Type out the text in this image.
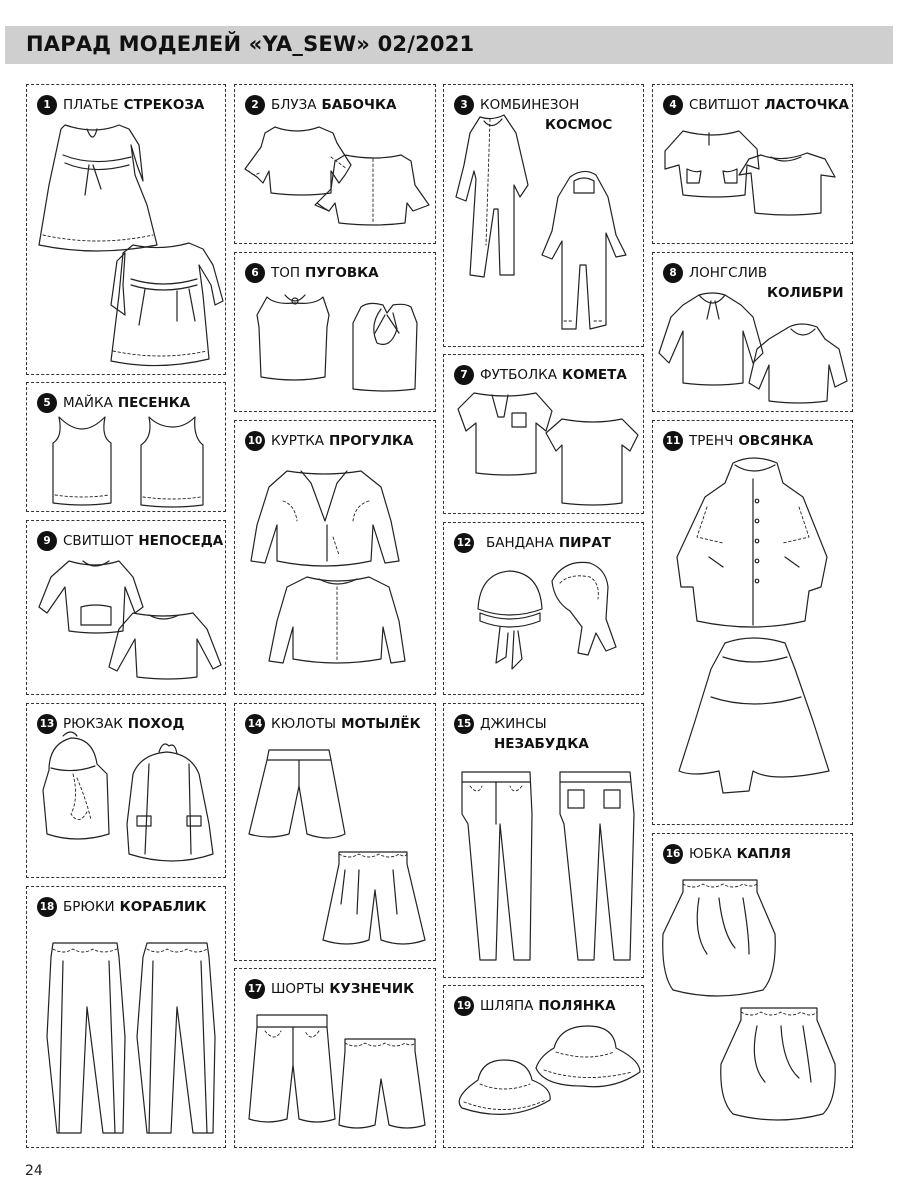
ПАРАД МОДЕЛЕЙ «YA_SEW» 02/2021
1 ПЛАТЬЕ СТРЕКОЗА	2 БЛУЗА БАБОЧКА	3 КОМБИНЕЗОН
КОСМОС
4 СВИТШОТ ЛАСТОЧКА
5 МАЙКА ПЕСЕНКА
6 ТОП ПУГОВКА
7 ФУТБОЛКА КОМЕТА
8 ЛОНГСЛИВ
КОЛИБРИ
9 СВИТШОТ НЕПОСЕДА
10 КУРТКА ПРОГУЛКА	11 ТРЕНЧ ОВСЯНКА
12 БАНДАНА ПИРАТ
13 РЮКЗАК ПОХОД	14 КЮЛОТЫ МОТЫЛЁК	15 ДЖИНСЫ
НЕЗАБУДКА
16 ЮБКА КАПЛЯ
17 ШОРТЫ КУЗНЕЧИК
18 БРЮКИ КОРАБЛИК
19 ШЛЯПА ПОЛЯНКА
24
